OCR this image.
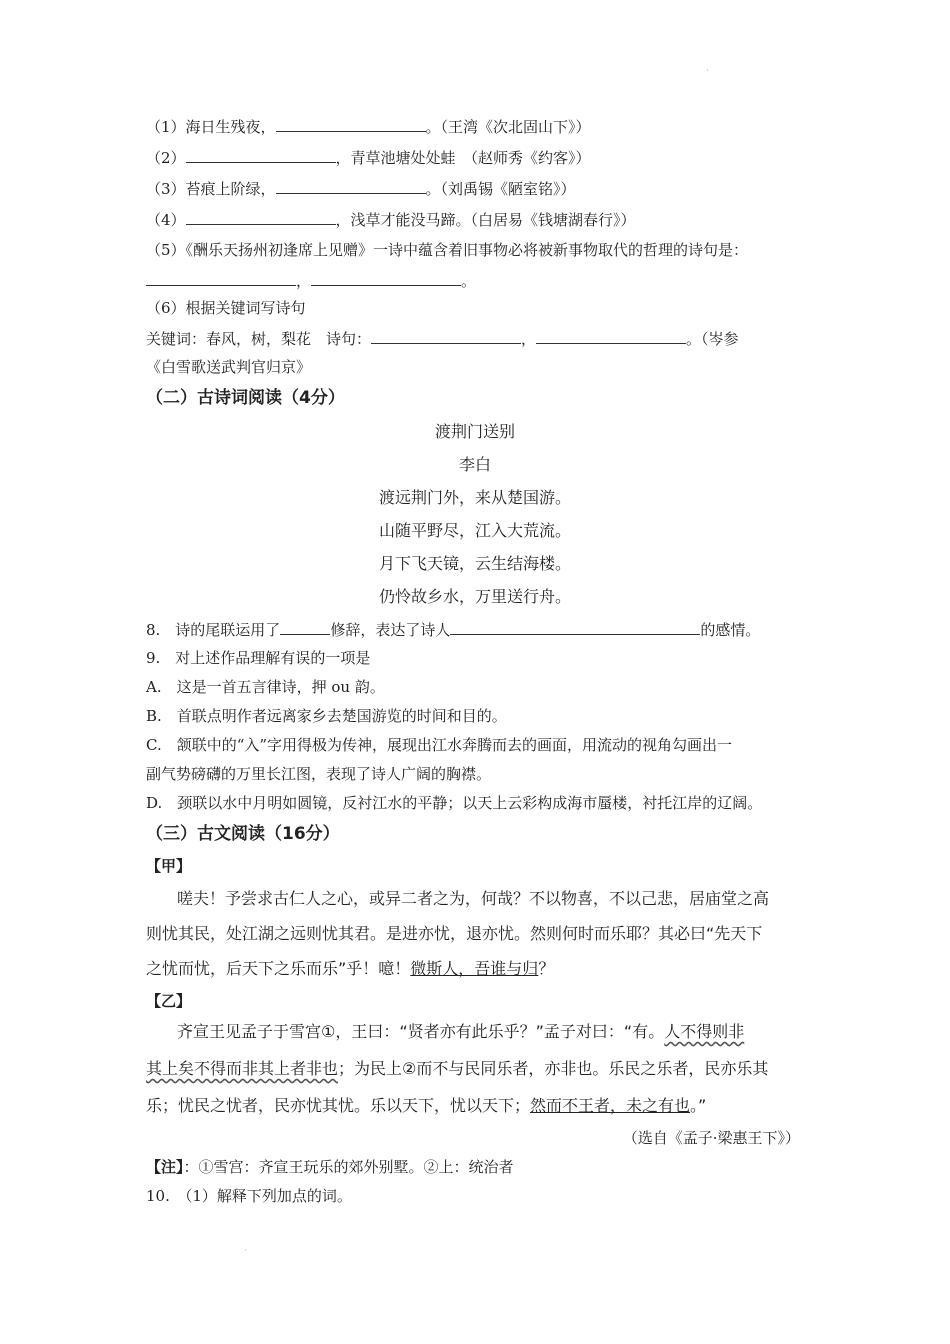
·
（1）海日生残夜，	。（王湾《次北固山下》）
（2）	，青草池塘处处蛙　（赵师秀《约客》）
（3）苔痕上阶绿，	。（刘禹锡《陋室铭》）
（4）	，浅草才能没马蹄。（白居易《钱塘湖春行》）
（5）《酬乐天扬州初逢席上见赠》一诗中蕴含着旧事物必将被新事物取代的哲理的诗句是：
，	。
（6）根据关键词写诗句
关键词：春风，树，梨花　诗句：	，	。（岑参
《白雪歌送武判官归京》
（二）古诗词阅读（4分）
渡荆门送别
李白
渡远荆门外，来从楚国游。
山随平野尽，江入大荒流。
月下飞天镜，云生结海楼。
仍怜故乡水，万里送行舟。
8.　诗的尾联运用了	修辞，表达了诗人	的感情。
9.　对上述作品理解有误的一项是
A.　这是一首五言律诗，押 ou 韵。
B.　首联点明作者远离家乡去楚国游览的时间和目的。
C.　颔联中的“入”字用得极为传神，展现出江水奔腾而去的画面，用流动的视角勾画出一
副气势磅礴的万里长江图，表现了诗人广阔的胸襟。
D.　颈联以水中月明如圆镜，反衬江水的平静；以天上云彩构成海市蜃楼，衬托江岸的辽阔。
（三）古文阅读（16分）
【甲】
嗟夫！予尝求古仁人之心，或异二者之为，何哉？不以物喜，不以己悲，居庙堂之高
则忧其民，处江湖之远则忧其君。是进亦忧，退亦忧。然则何时而乐耶？其必曰“先天下
之忧而忧，后天下之乐而乐”乎！噫！微斯人，吾谁与归？
【乙】
齐宣王见孟子于雪宫①，王曰：“贤者亦有此乐乎？”孟子对曰：“有。人不得则非
其上矣不得而非其上者非也；为民上②而不与民同乐者，亦非也。乐民之乐者，民亦乐其
乐；忧民之忧者，民亦忧其忧。乐以天下，忧以天下；然而不王者，未之有也。”
（选自《孟子·梁惠王下》）
【注】：①雪宫：齐宣王玩乐的郊外别墅。②上：统治者
10.　（1）解释下列加点的词。
·
